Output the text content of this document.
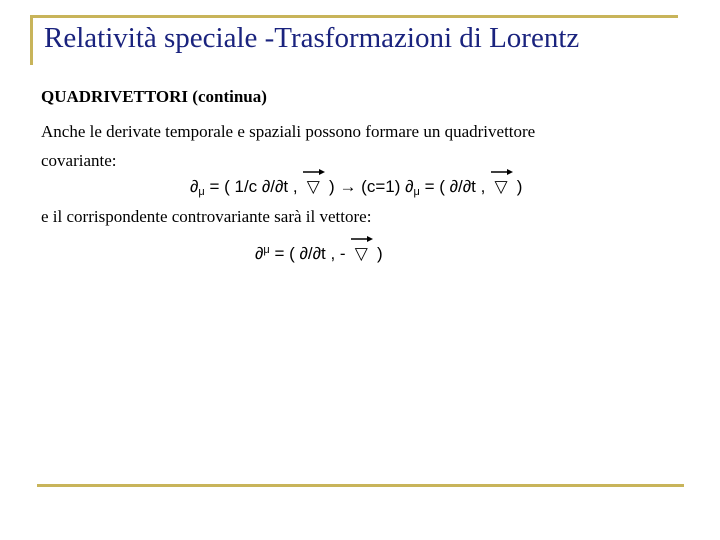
Relatività speciale -Trasformazioni di Lorentz
QUADRIVETTORI (continua)
Anche le derivate temporale e spaziali possono formare un quadrivettore
covariante:
$\partial_\mu$ = ( 1/c ∂/∂t ,
▽ ) → (c=1) $\partial_\mu$ = ( ∂/∂t ,
▽ )
e il corrispondente controvariante sarà il vettore:
∂$^\mu$ = ( ∂/∂t , -
▽ )
